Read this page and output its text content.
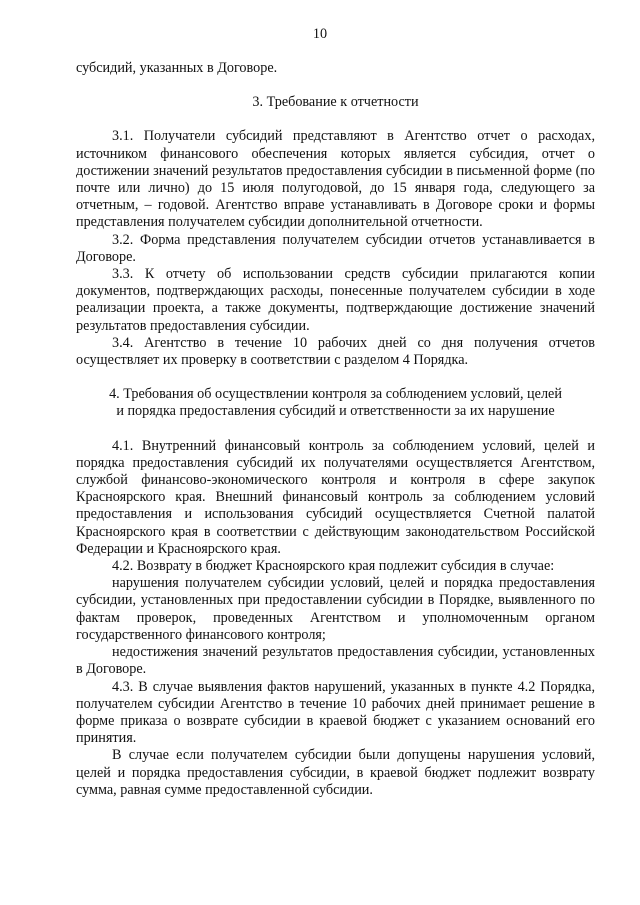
10

субсидий, указанных в Договоре.

3. Требование к отчетности

3.1. Получатели субсидий представляют в Агентство отчет о расходах, источником финансового обеспечения которых является субсидия, отчет о достижении значений результатов предоставления субсидии в письменной форме (по почте или лично) до 15 июля полугодовой, до 15 января года, следующего за отчетным, – годовой. Агентство вправе устанавливать в Договоре сроки и формы представления получателем субсидии дополнительной отчетности.

3.2. Форма представления получателем субсидии отчетов устанавливается в Договоре.

3.3. К отчету об использовании средств субсидии прилагаются копии документов, подтверждающих расходы, понесенные получателем субсидии в ходе реализации проекта, а также документы, подтверждающие достижение значений результатов предоставления субсидии.

3.4. Агентство в течение 10 рабочих дней со дня получения отчетов осуществляет их проверку в соответствии с разделом 4 Порядка.

4. Требования об осуществлении контроля за соблюдением условий, целей
и порядка предоставления субсидий и ответственности за их нарушение

4.1. Внутренний финансовый контроль за соблюдением условий, целей и порядка предоставления субсидий их получателями осуществляется Агентством, службой финансово-экономического контроля и контроля в сфере закупок Красноярского края. Внешний финансовый контроль за соблюдением условий предоставления и использования субсидий осуществляется Счетной палатой Красноярского края в соответствии с действующим законодательством Российской Федерации и Красноярского края.

4.2. Возврату в бюджет Красноярского края подлежит субсидия в случае:

нарушения получателем субсидии условий, целей и порядка предоставления субсидии, установленных при предоставлении субсидии в Порядке, выявленного по фактам проверок, проведенных Агентством и уполномоченным органом государственного финансового контроля;

недостижения значений результатов предоставления субсидии, установленных в Договоре.

4.3. В случае выявления фактов нарушений, указанных в пункте 4.2 Порядка, получателем субсидии Агентство в течение 10 рабочих дней принимает решение в форме приказа о возврате субсидии в краевой бюджет с указанием оснований его принятия.

В случае если получателем субсидии были допущены нарушения условий, целей и порядка предоставления субсидии, в краевой бюджет подлежит возврату сумма, равная сумме предоставленной субсидии.
